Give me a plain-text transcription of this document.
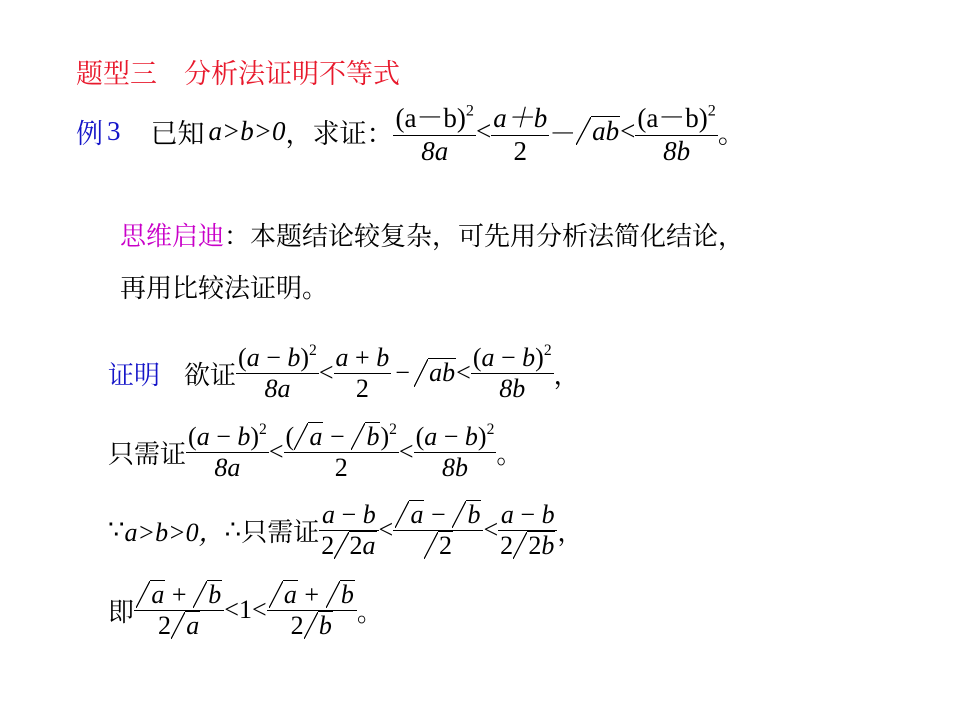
题型三　分析法证明不等式
例 3 已知 a>b>0 ，求证： $\frac{(a-b)^2}{8a} < \frac{a+b}{2}$ － ab < $\frac{(a-b)^2}{8b}$ 。
思维启迪：本题结论较复杂，可先用分析法简化结论，
再用比较法证明。
证明 欲证 $\frac{(a - b)^2}{8a} < \frac{a + b}{2}$ − ab < $\frac{(a - b)^2}{8b}$ ，
只需证 $\frac{(a - b)^2}{8a} < \frac{( a - b)^2}{2} < \frac{(a - b)^2}{8b}$ 。
∵ a>b>0， ∴ 只需证 $\frac{a - b}{2 2a} < \frac{a - b}{2} < \frac{a - b}{2 2b}$ ，
即 $\frac{a + b}{2 a} < 1 < \frac{a + b}{2 b}$ 。
